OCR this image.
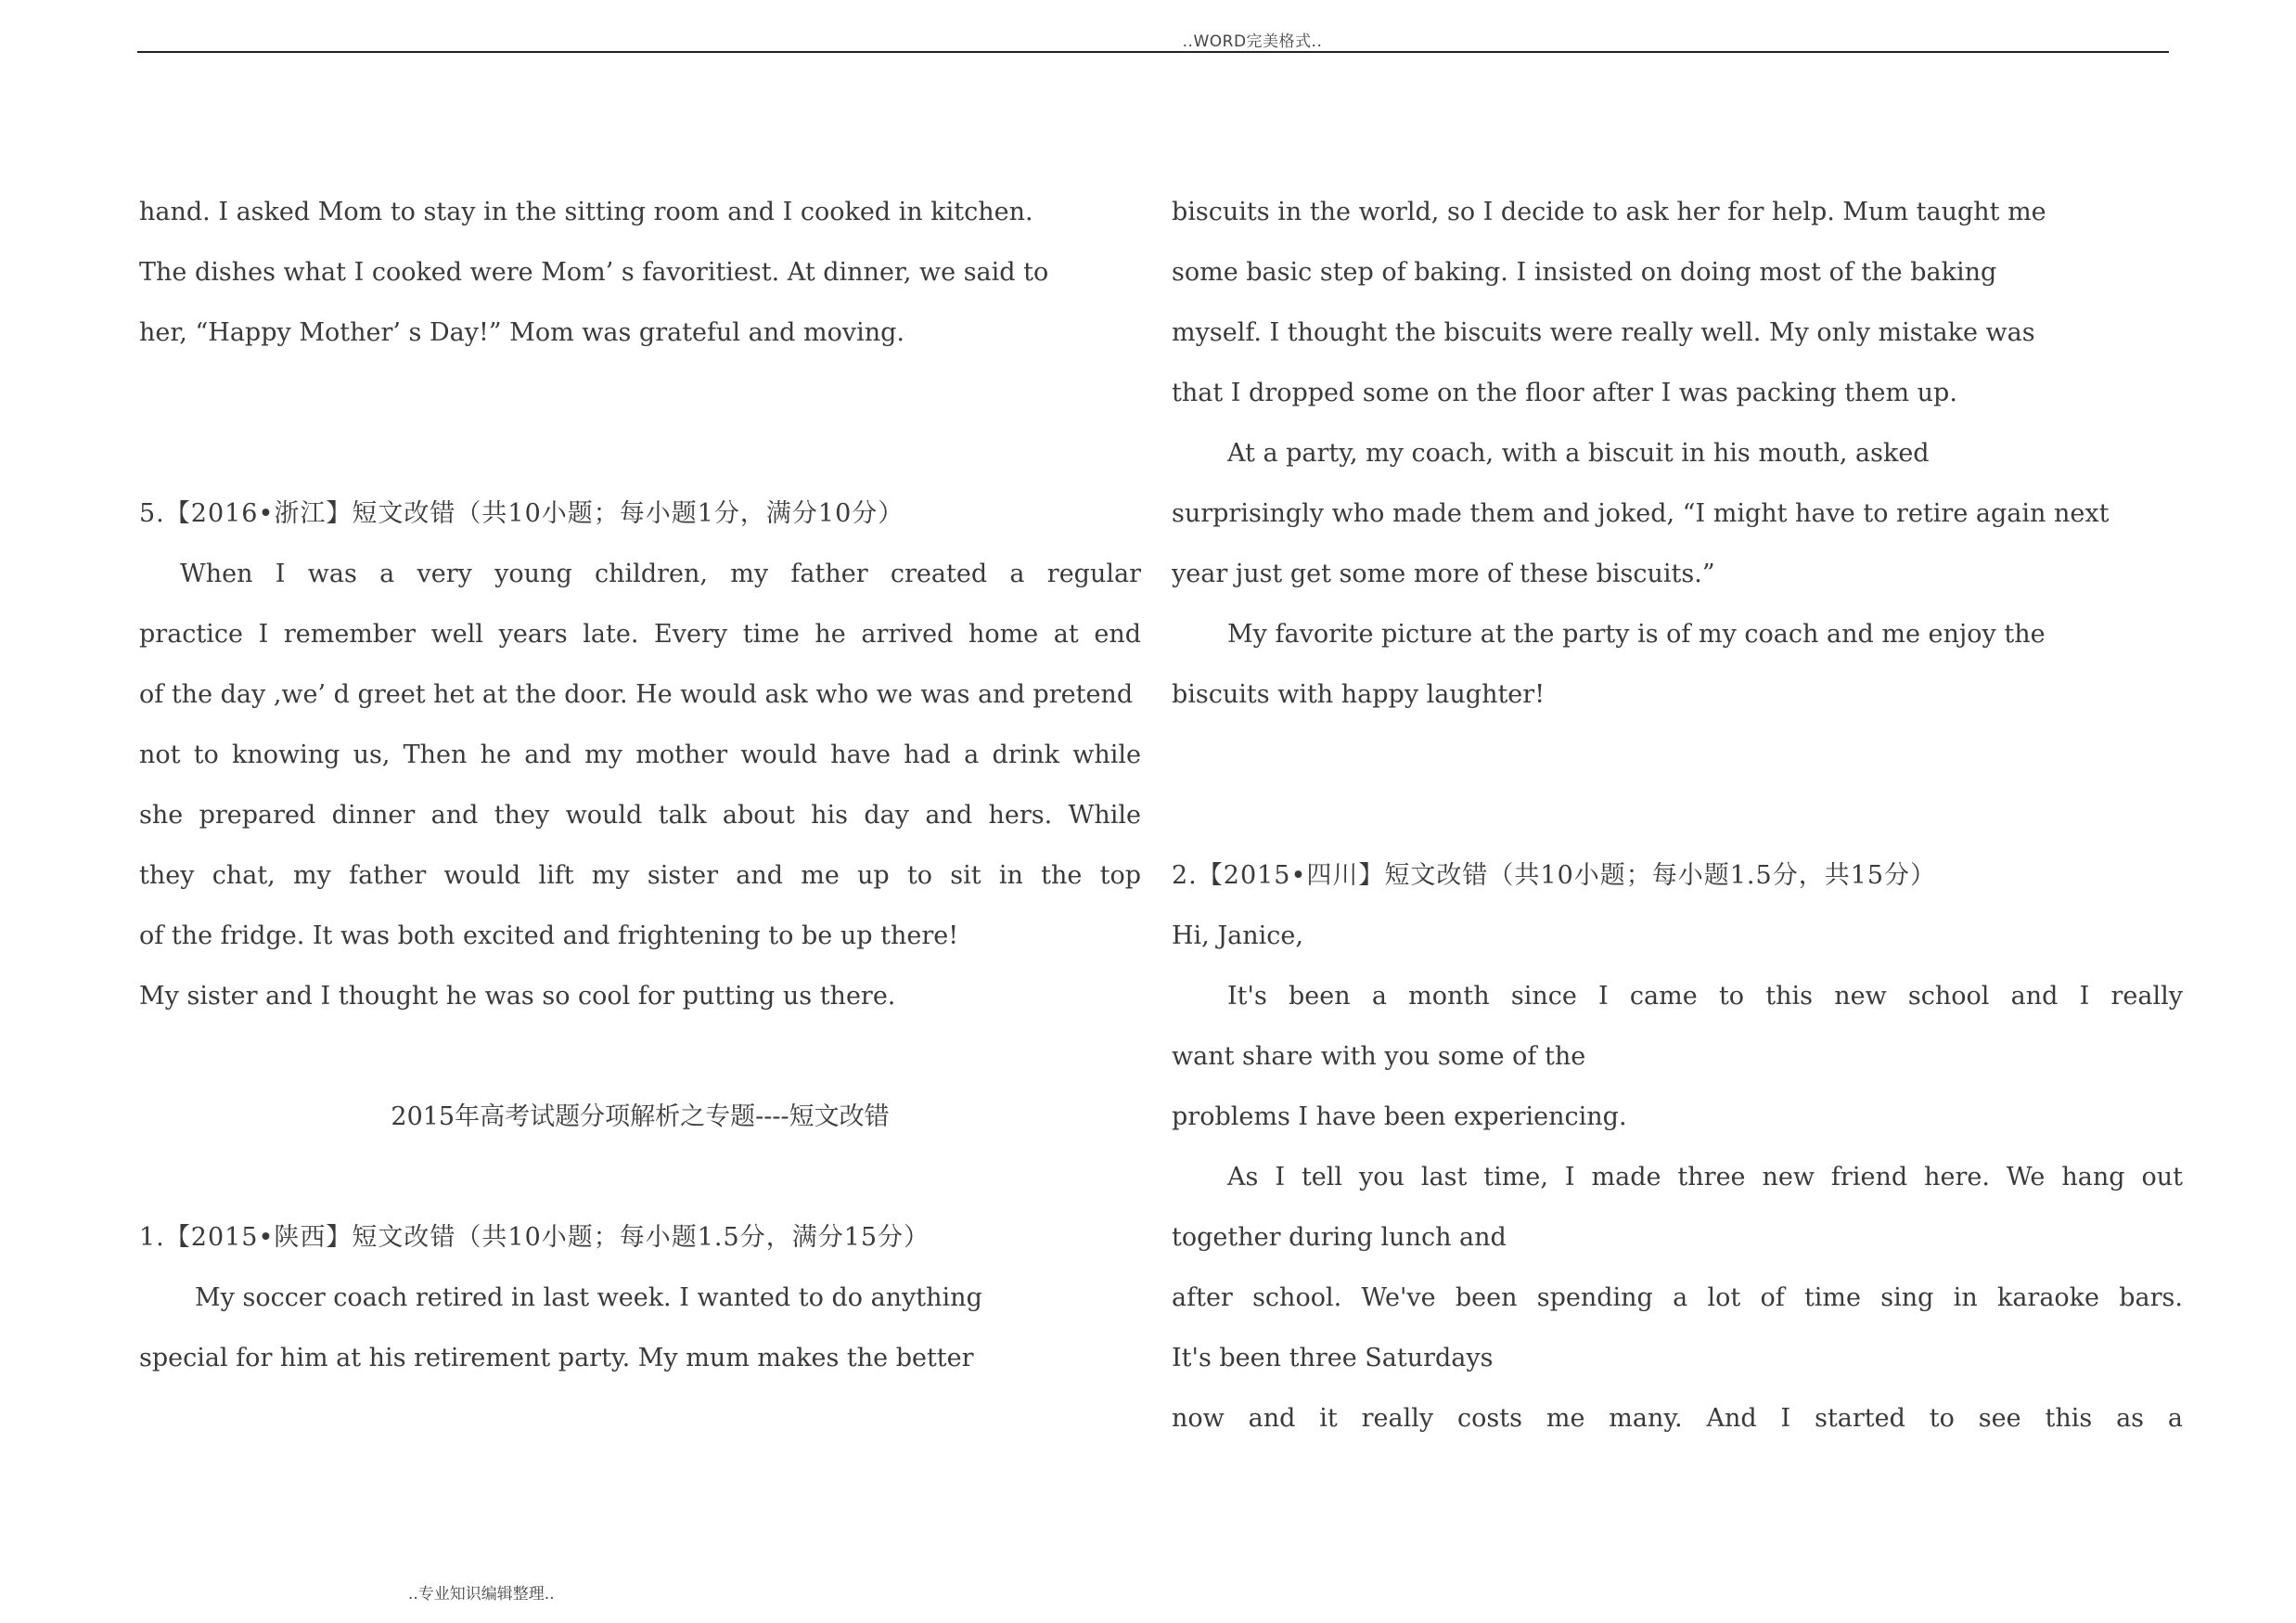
..WORD完美格式..
hand. I asked Mom to stay in the sitting room and I cooked in kitchen.
The dishes what I cooked were Mom’ s favoritiest. At dinner, we said to
her, “Happy Mother’ s Day!” Mom was grateful and moving.
5.【2016•浙江】短文改错（共10小题；每小题1分，满分10分）
When I was a very young children, my father created a regular
practice I remember well years late. Every time he arrived home at end
of the day ,we’ d greet het at the door. He would ask who we was and pretend
not to knowing us, Then he and my mother would have had a drink while
she prepared dinner and they would talk about his day and hers. While
they chat, my father would lift my sister and me up to sit in the top
of the fridge. It was both excited and frightening to be up there!
My sister and I thought he was so cool for putting us there.
2015年高考试题分项解析之专题----短文改错
1.【2015•陕西】短文改错（共10小题；每小题1.5分，满分15分）
My soccer coach retired in last week. I wanted to do anything
special for him at his retirement party. My mum makes the better
biscuits in the world, so I decide to ask her for help. Mum taught me
some basic step of baking. I insisted on doing most of the baking
myself. I thought the biscuits were really well. My only mistake was
that I dropped some on the floor after I was packing them up.
At a party, my coach, with a biscuit in his mouth, asked
surprisingly who made them and joked, “I might have to retire again next
year just get some more of these biscuits.”
My favorite picture at the party is of my coach and me enjoy the
biscuits with happy laughter!
2.【2015•四川】短文改错（共10小题；每小题1.5分，共15分）
Hi, Janice,
It's been a month since I came to this new school and I really
want share with you some of the
problems I have been experiencing.
As I tell you last time, I made three new friend here. We hang out
together during lunch and
after school. We've been spending a lot of time sing in karaoke bars.
It's been three Saturdays
now and it really costs me many. And I started to see this as a
..专业知识编辑整理..
